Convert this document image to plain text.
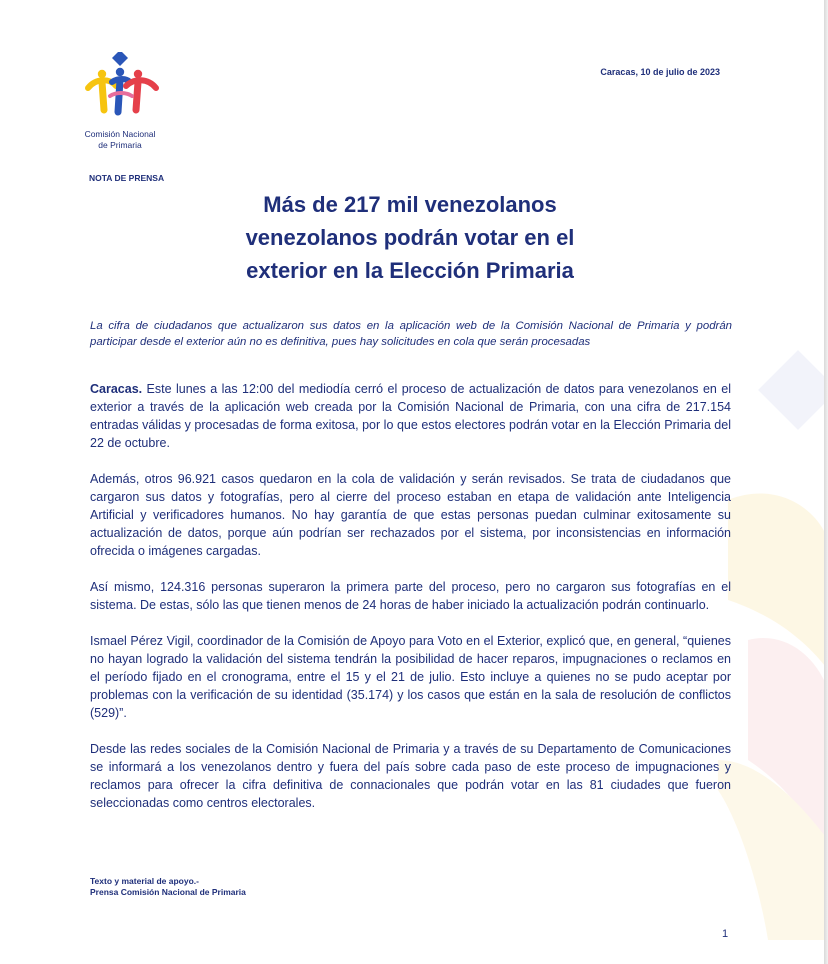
Comisión Nacional
de Primaria
Caracas, 10 de julio de 2023
NOTA DE PRENSA
Más de 217 mil venezolanos
venezolanos podrán votar en el
exterior en la Elección Primaria
La cifra de ciudadanos que actualizaron sus datos en la aplicación web de la Comisión Nacional de Primaria y podrán participar desde el exterior aún no es definitiva, pues hay solicitudes en cola que serán procesadas

Caracas. Este lunes a las 12:00 del mediodía cerró el proceso de actualización de datos para venezolanos en el exterior a través de la aplicación web creada por la Comisión Nacional de Primaria, con una cifra de 217.154 entradas válidas y procesadas de forma exitosa, por lo que estos electores podrán votar en la Elección Primaria del 22 de octubre.

Además, otros 96.921 casos quedaron en la cola de validación y serán revisados. Se trata de ciudadanos que cargaron sus datos y fotografías, pero al cierre del proceso estaban en etapa de validación ante Inteligencia Artificial y verificadores humanos. No hay garantía de que estas personas puedan culminar exitosamente su actualización de datos, porque aún podrían ser rechazados por el sistema, por inconsistencias en información ofrecida o imágenes cargadas.

Así mismo, 124.316 personas superaron la primera parte del proceso, pero no cargaron sus fotografías en el sistema. De estas, sólo las que tienen menos de 24 horas de haber iniciado la actualización podrán continuarlo.

Ismael Pérez Vigil, coordinador de la Comisión de Apoyo para Voto en el Exterior, explicó que, en general, “quienes no hayan logrado la validación del sistema tendrán la posibilidad de hacer reparos, impugnaciones o reclamos en el período fijado en el cronograma, entre el 15 y el 21 de julio. Esto incluye a quienes no se pudo aceptar por problemas con la verificación de su identidad (35.174) y los casos que están en la sala de resolución de conflictos (529)”.

Desde las redes sociales de la Comisión Nacional de Primaria y a través de su Departamento de Comunicaciones se informará a los venezolanos dentro y fuera del país sobre cada paso de este proceso de impugnaciones y reclamos para ofrecer la cifra definitiva de connacionales que podrán votar en las 81 ciudades que fueron seleccionadas como centros electorales.

Texto y material de apoyo.-
Prensa Comisión Nacional de Primaria
1
